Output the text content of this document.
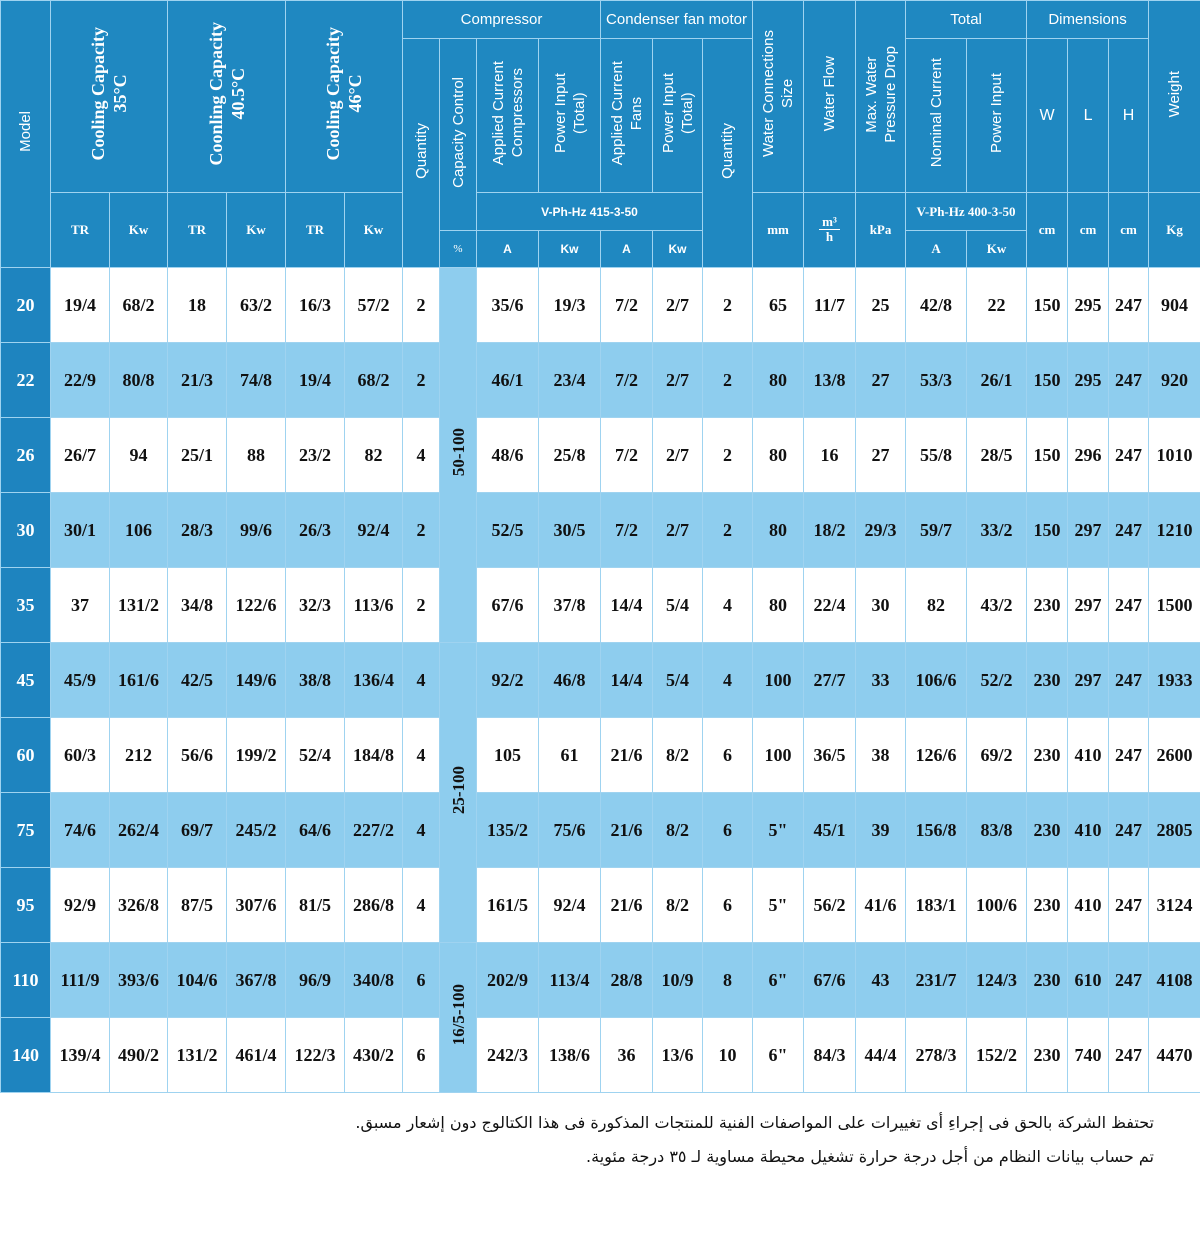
Model	Cooling Capacity 35°C		Coonling Capacity 40.5°C		Cooling Capacity 46°C		Compressor				Condenser fan motor			Water Connections Size	Water Flow	Max. Water Pressure Drop	Total		Dimensions			Weight
							Quantity	Capacity Control	Applied Current Compressors	Power Input (Total)	Applied Current Fans	Power Input (Total)	Quantity				Nominal Current	Power Input	W	L	H	
	TR	Kw	TR	Kw	TR	Kw			V-Ph-Hz 415-3-50					mm	$\frac{\text{m³}}{h}$	kPa	V-Ph-Hz 400-3-50		cm	cm	cm	Kg
								%	A	Kw	A	Kw					A	Kw				
20	19/4	68/2	18	63/2	16/3	57/2	2	50-100	35/6	19/3	7/2	2/7	2	65	11/7	25	42/8	22	150	295	247	904
22	22/9	80/8	21/3	74/8	19/4	68/2	2		46/1	23/4	7/2	2/7	2	80	13/8	27	53/3	26/1	150	295	247	920
26	26/7	94	25/1	88	23/2	82	4		48/6	25/8	7/2	2/7	2	80	16	27	55/8	28/5	150	296	247	1010
30	30/1	106	28/3	99/6	26/3	92/4	2		52/5	30/5	7/2	2/7	2	80	18/2	29/3	59/7	33/2	150	297	247	1210
35	37	131/2	34/8	122/6	32/3	113/6	2		67/6	37/8	14/4	5/4	4	80	22/4	30	82	43/2	230	297	247	1500
45	45/9	161/6	42/5	149/6	38/8	136/4	4	25-100	92/2	46/8	14/4	5/4	4	100	27/7	33	106/6	52/2	230	297	247	1933
60	60/3	212	56/6	199/2	52/4	184/8	4		105	61	21/6	8/2	6	100	36/5	38	126/6	69/2	230	410	247	2600
75	74/6	262/4	69/7	245/2	64/6	227/2	4		135/2	75/6	21/6	8/2	6	5"	45/1	39	156/8	83/8	230	410	247	2805
95	92/9	326/8	87/5	307/6	81/5	286/8	4		161/5	92/4	21/6	8/2	6	5"	56/2	41/6	183/1	100/6	230	410	247	3124
110	111/9	393/6	104/6	367/8	96/9	340/8	6	16/5-100	202/9	113/4	28/8	10/9	8	6"	67/6	43	231/7	124/3	230	610	247	4108
140	139/4	490/2	131/2	461/4	122/3	430/2	6		242/3	138/6	36	13/6	10	6"	84/3	44/4	278/3	152/2	230	740	247	4470
تحتفظ الشركة بالحق فى إجراءِ أى تغييرات على المواصفات الفنية للمنتجات المذكورة فى هذا الكتالوج دون إشعار مسبق.
تم حساب بيانات النظام من أجل درجة حرارة تشغيل محيطة مساوية لـ ٣٥ درجة مئوية.
